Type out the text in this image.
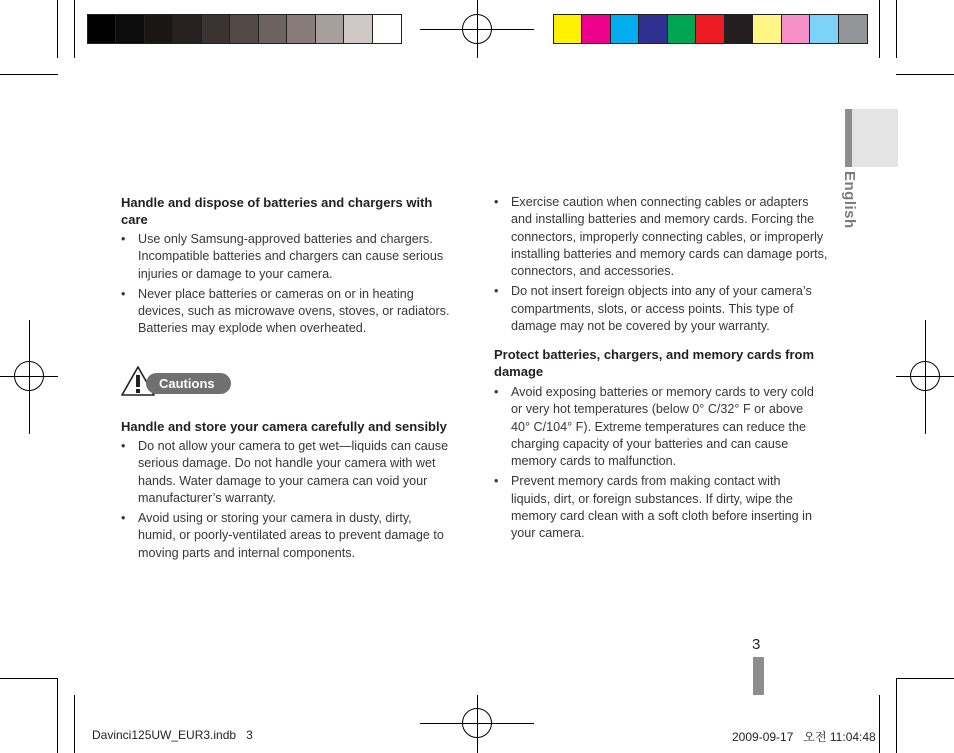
English
Handle and dispose of batteries and chargers with care
• Use only Samsung-approved batteries and chargers. Incompatible batteries and chargers can cause serious injuries or damage to your camera.
• Never place batteries or cameras on or in heating devices, such as microwave ovens, stoves, or radiators. Batteries may explode when overheated.
Cautions
Handle and store your camera carefully and sensibly
• Do not allow your camera to get wet—liquids can cause serious damage. Do not handle your camera with wet hands. Water damage to your camera can void your manufacturer’s warranty.
• Avoid using or storing your camera in dusty, dirty, humid, or poorly-ventilated areas to prevent damage to moving parts and internal components.
• Exercise caution when connecting cables or adapters and installing batteries and memory cards. Forcing the connectors, improperly connecting cables, or improperly installing batteries and memory cards can damage ports, connectors, and accessories.
• Do not insert foreign objects into any of your camera’s compartments, slots, or access points. This type of damage may not be covered by your warranty.
Protect batteries, chargers, and memory cards from damage
• Avoid exposing batteries or memory cards to very cold or very hot temperatures (below 0° C/32° F or above 40° C/104° F). Extreme temperatures can reduce the charging capacity of your batteries and can cause memory cards to malfunction.
• Prevent memory cards from making contact with liquids, dirt, or foreign substances. If dirty, wipe the memory card clean with a soft cloth before inserting in your camera.
3
Davinci125UW_EUR3.indb 3	2009-09-17   오전 11:04:48
